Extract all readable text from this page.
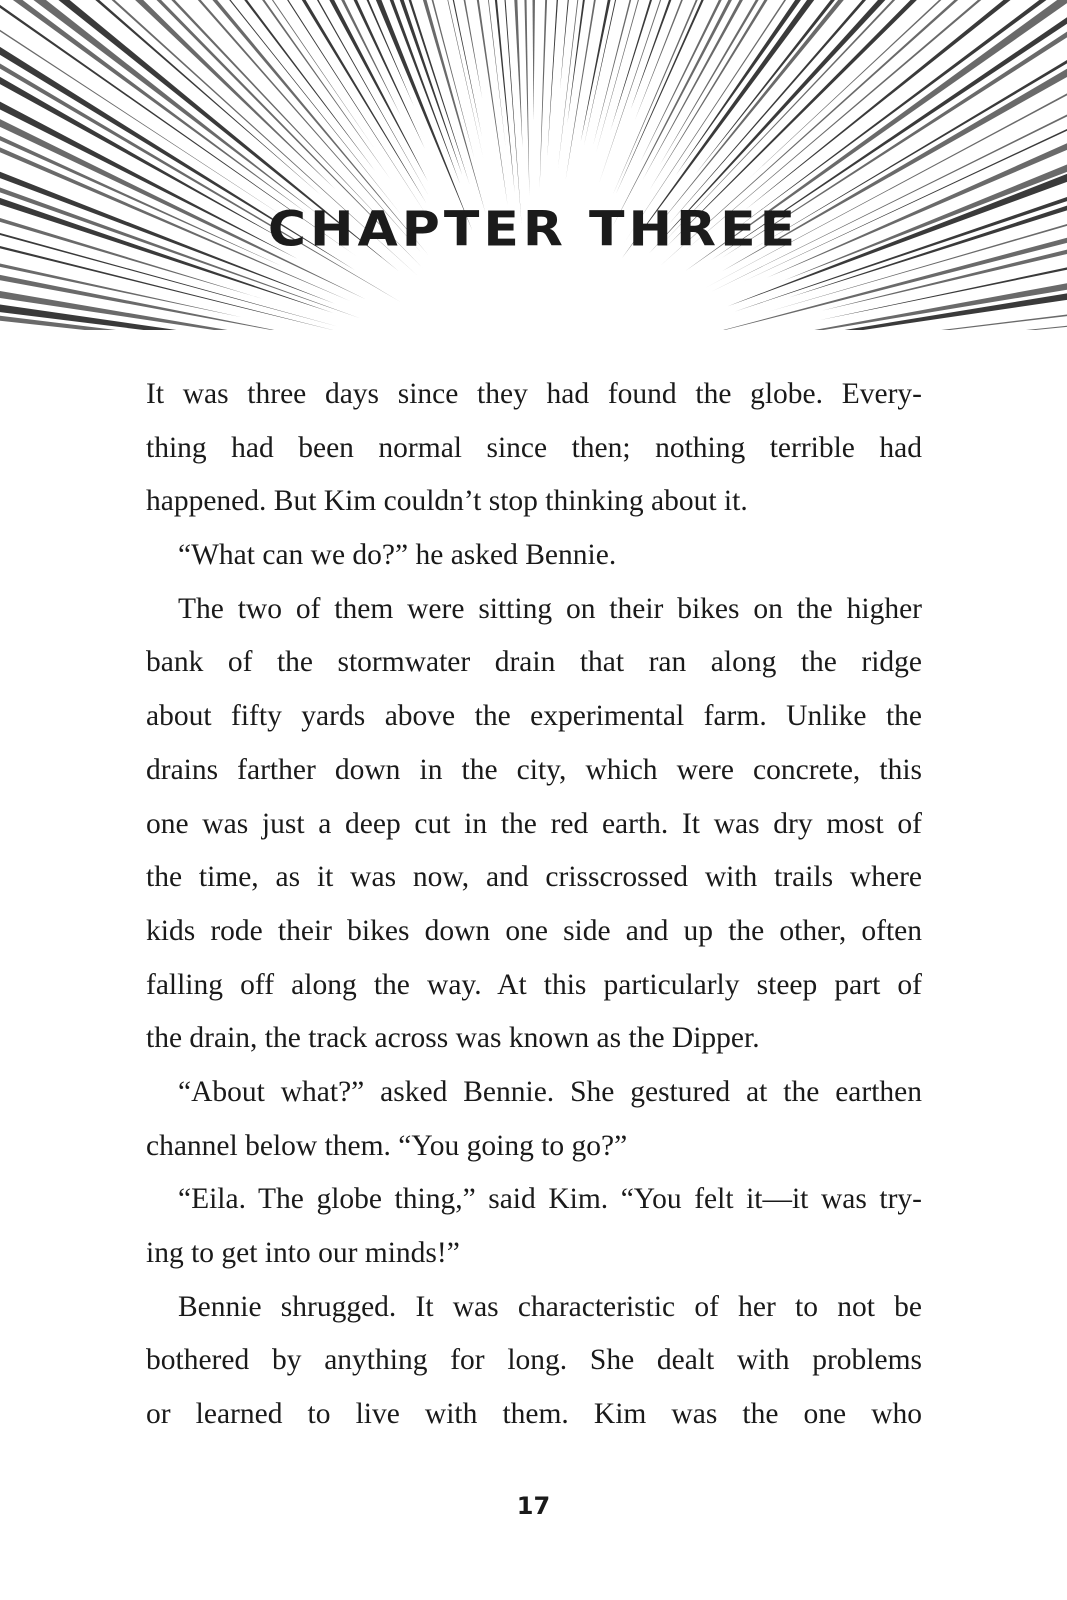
CHAPTER THREE
It was three days since they had found the globe. Every-
thing had been normal since then; nothing terrible had
happened. But Kim couldn’t stop thinking about it.
“What can we do?” he asked Bennie.
The two of them were sitting on their bikes on the higher
bank of the stormwater drain that ran along the ridge
about fifty yards above the experimental farm. Unlike the
drains farther down in the city, which were concrete, this
one was just a deep cut in the red earth. It was dry most of
the time, as it was now, and crisscrossed with trails where
kids rode their bikes down one side and up the other, often
falling off along the way. At this particularly steep part of
the drain, the track across was known as the Dipper.
“About what?” asked Bennie. She gestured at the earthen
channel below them. “You going to go?”
“Eila. The globe thing,” said Kim. “You felt it—it was try-
ing to get into our minds!”
Bennie shrugged. It was characteristic of her to not be
bothered by anything for long. She dealt with problems
or learned to live with them. Kim was the one who
17
